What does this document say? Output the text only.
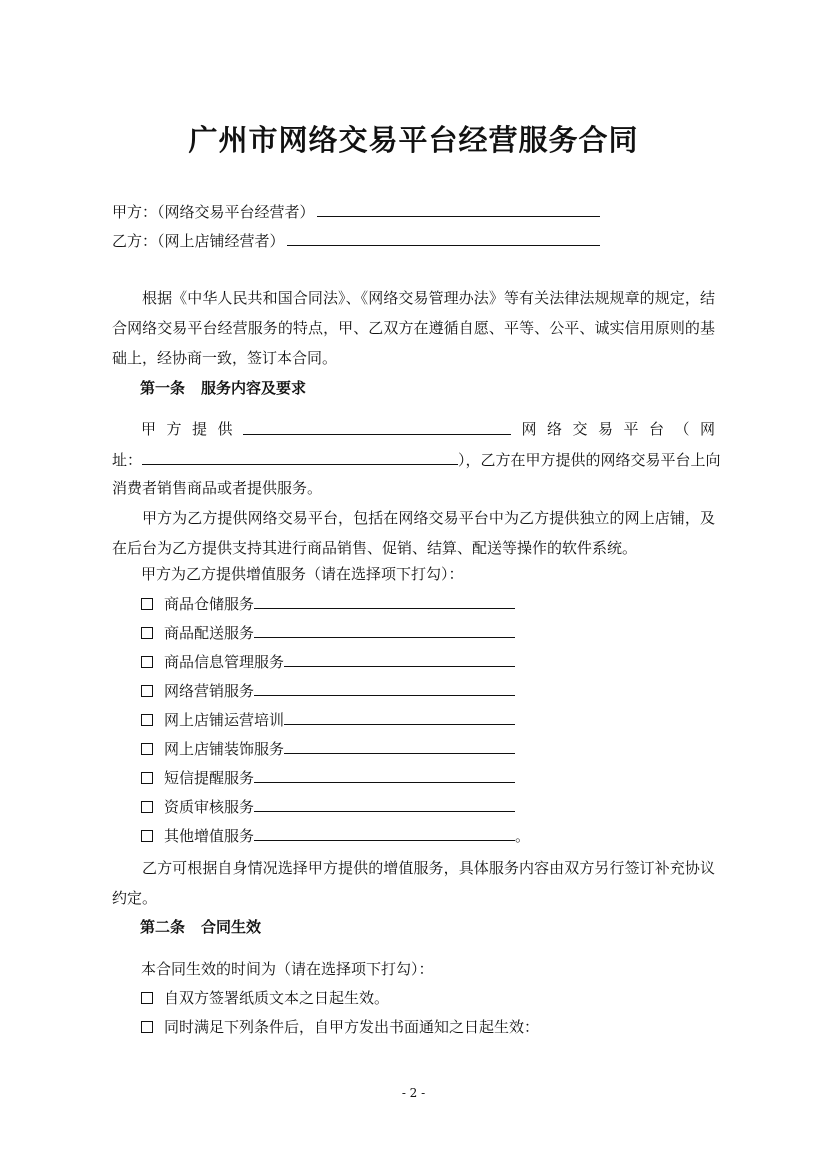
广州市网络交易平台经营服务合同
甲方：（网络交易平台经营者）
乙方：（网上店铺经营者）

根据《中华人民共和国合同法》、《网络交易管理办法》等有关法律法规规章的规定，结合网络交易平台经营服务的特点，甲、乙双方在遵循自愿、平等、公平、诚实信用原则的基础上，经协商一致，签订本合同。

第一条 服务内容及要求
甲 方 提 供	网 络 交 易 平 台 （ 网
址：	），乙方在甲方提供的网络交易平台上向
消费者销售商品或者提供服务。

甲方为乙方提供网络交易平台，包括在网络交易平台中为乙方提供独立的网上店铺，及在后台为乙方提供支持其进行商品销售、促销、结算、配送等操作的软件系统。

甲方为乙方提供增值服务（请在选择项下打勾）：
商品仓储服务
商品配送服务
商品信息管理服务
网络营销服务
网上店铺运营培训
网上店铺装饰服务
短信提醒服务
资质审核服务
其他增值服务	。

乙方可根据自身情况选择甲方提供的增值服务，具体服务内容由双方另行签订补充协议约定。

第二条 合同生效
本合同生效的时间为（请在选择项下打勾）：
自双方签署纸质文本之日起生效。
同时满足下列条件后，自甲方发出书面通知之日起生效：
- 2 -
